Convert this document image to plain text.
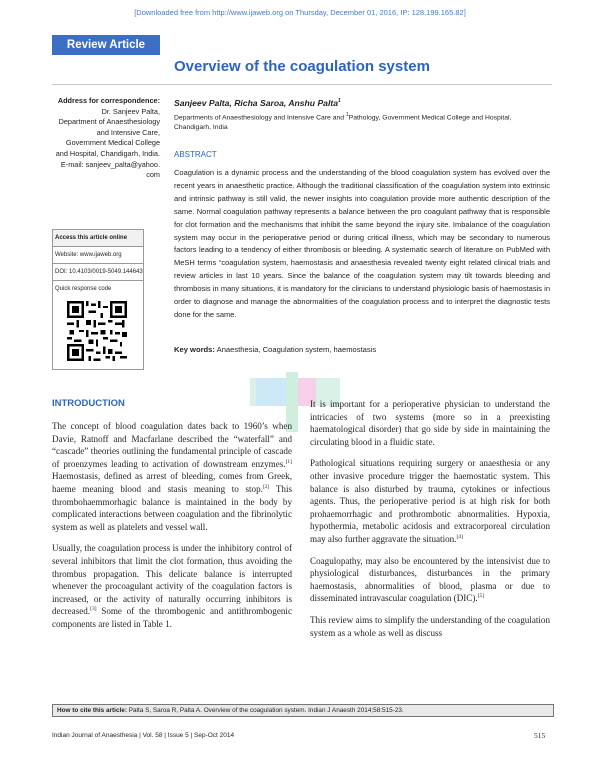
[Downloaded free from http://www.ijaweb.org on Thursday, December 01, 2016, IP: 128.199.165.82]
Review Article
Overview of the coagulation system
Address for correspondence:
Dr. Sanjeev Palta,
Department of Anaesthesiology
and Intensive Care,
Government Medical College
and Hospital, Chandigarh, India.
E-mail: sanjeev_palta@yahoo.
com
Access this article online
Website: www.ijaweb.org
DOI: 10.4103/0019-5049.144643
Quick response code
Sanjeev Palta, Richa Saroa, Anshu Palta$^1$
Departments of Anaesthesiology and Intensive Care and $^1$Pathology, Government Medical College and Hospital, Chandigarh, India
ABSTRACT
Coagulation is a dynamic process and the understanding of the blood coagulation system has evolved over the recent years in anaesthetic practice. Although the traditional classification of the coagulation system into extrinsic and intrinsic pathway is still valid, the newer insights into coagulation provide more authentic description of the same. Normal coagulation pathway represents a balance between the pro coagulant pathway that is responsible for clot formation and the mechanisms that inhibit the same beyond the injury site. Imbalance of the coagulation system may occur in the perioperative period or during critical illness, which may be secondary to numerous factors leading to a tendency of either thrombosis or bleeding. A systematic search of literature on PubMed with MeSH terms “coagulation system, haemostasis and anaesthesia revealed twenty eight related clinical trials and review articles in last 10 years. Since the balance of the coagulation system may tilt towards bleeding and thrombosis in many situations, it is mandatory for the clinicians to understand physiologic basis of haemostasis in order to diagnose and manage the abnormalities of the coagulation process and to interpret the diagnostic tests done for the same.
Key words: Anaesthesia, Coagulation system, haemostasis
INTRODUCTION

The concept of blood coagulation dates back to 1960’s when Davie, Ratnoff and Macfarlane described the “waterfall” and “cascade” theories outlining the fundamental principle of cascade of proenzymes leading to activation of downstream enzymes.[1] Haemostasis, defined as arrest of bleeding, comes from Greek, haeme meaning blood and stasis meaning to stop.[2] This thrombohaemmorhagic balance is maintained in the body by complicated interactions between coagulation and the fibrinolytic system as well as platelets and vessel wall.

Usually, the coagulation process is under the inhibitory control of several inhibitors that limit the clot formation, thus avoiding the thrombus propagation. This delicate balance is interrupted whenever the procoagulant activity of the coagulation factors is increased, or the activity of naturally occurring inhibitors is decreased.[3] Some of the thrombogenic and antithrombogenic components are listed in Table 1.

It is important for a perioperative physician to understand the intricacies of two systems (more so in a preexisting haematological disorder) that go side by side in maintaining the circulating blood in a fluidic state.

Pathological situations requiring surgery or anaesthesia or any other invasive procedure trigger the haemostatic system. This balance is also disturbed by trauma, cytokines or infectious agents. Thus, the perioperative period is at high risk for both prohaemorrhagic and prothrombotic abnormalities. Hypoxia, hypothermia, metabolic acidosis and extracorporeal circulation may also further aggravate the situation.[4]

Coagulopathy, may also be encountered by the intensivist due to physiological disturbances, disturbances in the primary haemostasis, abnormalities of blood, plasma or due to disseminated intravascular coagulation (DIC).[5]

This review aims to simplify the understanding of the coagulation system as a whole as well as discuss

How to cite this article: Palta S, Saroa R, Palta A. Overview of the coagulation system. Indian J Anaesth 2014;58:515-23.
Indian Journal of Anaesthesia | Vol. 58 | Issue 5 | Sep-Oct 2014	515
